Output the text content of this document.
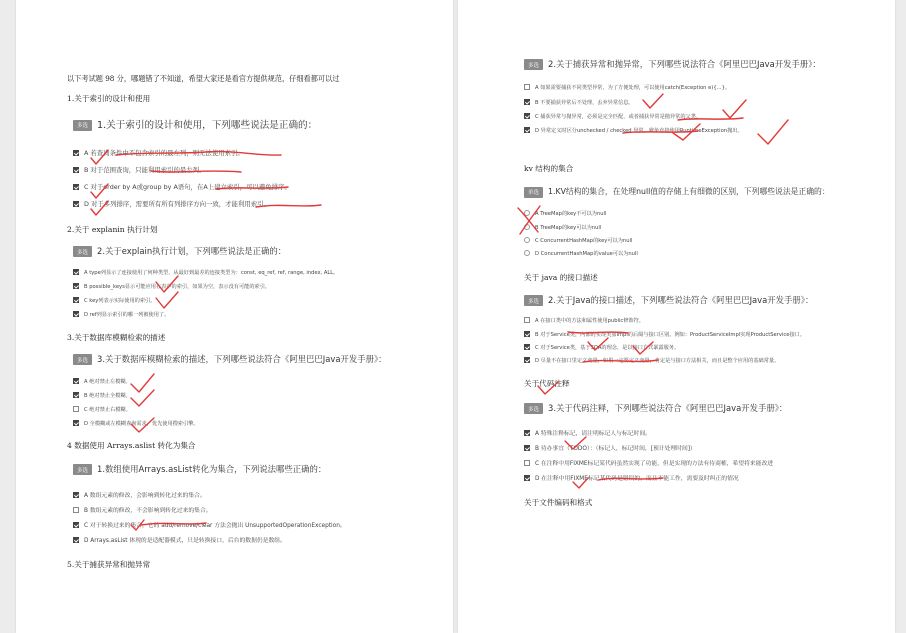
以下考试题 98 分，哪题错了不知道，希望大家还是看官方提供规范，仔细看都可以过
1.关于索引的设计和使用
多选 1.关于索引的设计和使用，下列哪些说法是正确的：
A 若查询条件中不包含索引的最左列，则无法使用索引。
B 对于范围查询，只能利用索引的最左列。
C 对于order by A或group by A语句，在A上建立索引，可以避免排序。
D 对于多列排序，需要所有所有列排序方向一致，才能利用索引。
2.关于 explanin 执行计划
多选 2.关于explain执行计划，下列哪些说法是正确的：
A type列显示了连接使用了何种类型，从最好到最差的连接类型为：const, eq_ref, ref, range, index, ALL。
B possible_keys显示可能应用在表中的索引，如果为空，表示没有可能的索引。
C key列表示实际使用的索引。
D ref列显示索引的哪一列被使用了。
3.关于数据库模糊检索的描述
多选 3.关于数据库模糊检索的描述，下列哪些说法符合《阿里巴巴Java开发手册》：
A 绝对禁止左模糊。
B 绝对禁止全模糊。
C 绝对禁止右模糊。
D 全模糊或左模糊查询需求，优先使用搜索引擎。
4 数据使用 Arrays.aslist 转化为集合
多选 1.数组使用Arrays.asList转化为集合，下列说法哪些正确的：
A 数组元素的修改，会影响到转化过来的集合。
B 数组元素的修改，不会影响到转化过来的集合。
C 对于转换过来的集合，它的 add/remove/clear 方法会抛出 UnsupportedOperationException。
D Arrays.asList 体现的是适配器模式，只是转换接口，后台的数据仍是数组。
5.关于捕获异常和抛异常
多选 2.关于捕获异常和抛异常，下列哪些说法符合《阿里巴巴Java开发手册》：
A 如果需要捕获不同类型异常，为了方便处理，可以使用catch(Exception e){...}。
B 不要捕获异常后不处理，丢弃异常信息。
C 捕获异常与抛异常，必须是完全匹配，或者捕获异常是抛异常的父类。
D 异常定义时区分unchecked / checked 异常，避免直接使用RuntimeException抛出。
kv 结构的集合
单选 1.KV结构的集合，在处理null值的存储上有细微的区别，下列哪些说法是正确的：
A TreeMap的key不可以为null
B TreeMap的key可以为null
C ConcurrentHashMap的key可以为null
D ConcurrentHashMap的value可以为null
关于 java 的接口描述
多选 2.关于Java的接口描述，下列哪些说法符合《阿里巴巴Java开发手册》：
A 在接口类中的方法和属性使用public修饰符。
B 对于Service类，内部的实现类加Impl的后缀与接口区别。例如：ProductServiceImpl实现ProductService接口。
C 对于Service类，基于SOA的理念，是以接口方式暴露服务。
D 尽量不在接口里定义变量，如果一定要定义变量，肯定是与接口方法相关，而且是整个应用的基础常量。
关于代码注释
多选 3.关于代码注释，下列哪些说法符合《阿里巴巴Java开发手册》：
A 特殊注释标记，请注明标记人与标记时间。
B 待办事宜（TODO）：（标记人，标记时间，[预计处理时间]）
C 在注释中用FIXME标记某代码虽然实现了功能，但是实现的方法有待商榷，希望将来能改进
D 在注释中用FIXME标记某代码是错误的，而且不能工作，需要及时纠正的情况
关于文件编码和格式
